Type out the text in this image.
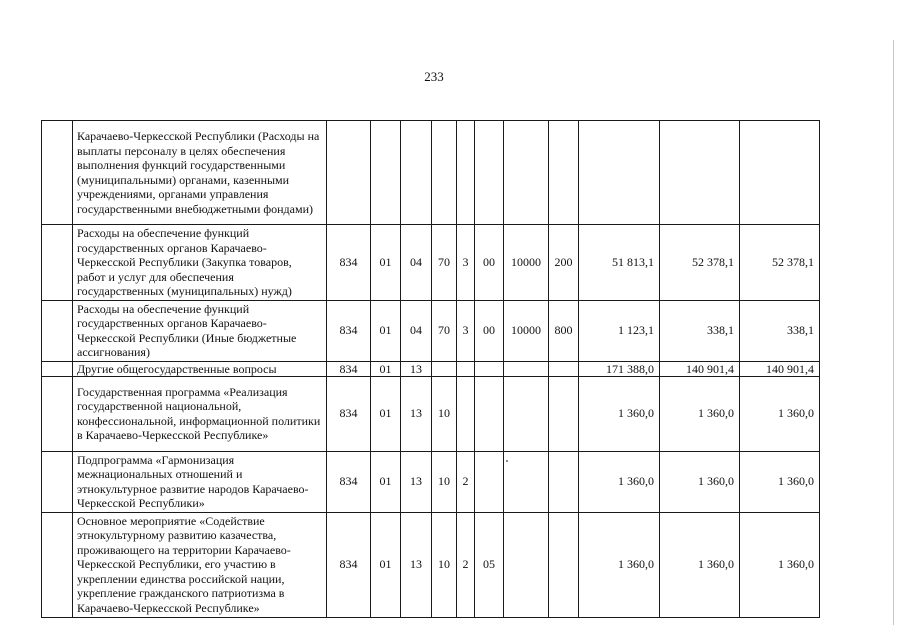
233
	Карачаево-Черкесской Республики (Расходы на выплаты персоналу в целях обеспечения выполнения функций государственными (муниципальными) органами, казенными учреждениями, органами управления государственными внебюджетными фондами)											
	Расходы на обеспечение функций государственных органов Карачаево-Черкесской Республики (Закупка товаров, работ и услуг для обеспечения государственных (муниципальных) нужд)	834	01	04	70	3	00	10000	200	51 813,1	52 378,1	52 378,1
	Расходы на обеспечение функций государственных органов Карачаево-Черкесской Республики (Иные бюджетные ассигнования)	834	01	04	70	3	00	10000	800	1 123,1	338,1	338,1
	Другие общегосударственные вопросы	834	01	13						171 388,0	140 901,4	140 901,4
	Государственная программа «Реализация государственной национальной, конфессиональной, информационной политики в Карачаево-Черкесской Республике»	834	01	13	10					1 360,0	1 360,0	1 360,0
	Подпрограмма «Гармонизация межнациональных отношений и этнокультурное развитие народов Карачаево-Черкесской Республики»	834	01	13	10	2				1 360,0	1 360,0	1 360,0
	Основное мероприятие «Содействие этнокультурному развитию казачества, проживающего на территории Карачаево-Черкесской Республики, его участию в укреплении единства российской нации, укрепление гражданского патриотизма в Карачаево-Черкесской Республике»	834	01	13	10	2	05			1 360,0	1 360,0	1 360,0
